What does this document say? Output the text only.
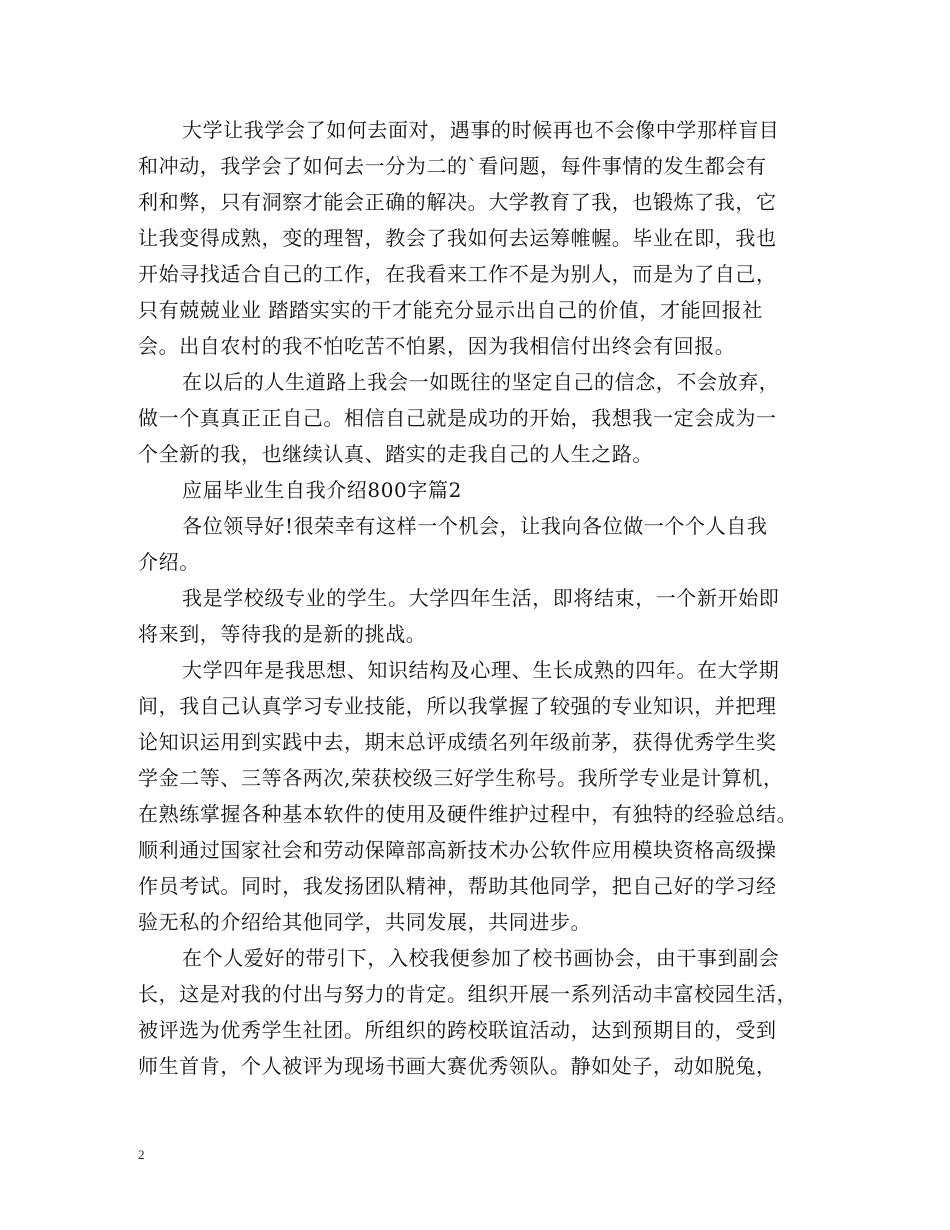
大学让我学会了如何去面对，遇事的时候再也不会像中学那样盲目
和冲动，我学会了如何去一分为二的`看问题，每件事情的发生都会有
利和弊，只有洞察才能会正确的解决。大学教育了我，也锻炼了我，它
让我变得成熟，变的理智，教会了我如何去运筹帷幄。毕业在即，我也
开始寻找适合自己的工作，在我看来工作不是为别人，而是为了自己，
只有兢兢业业 踏踏实实的干才能充分显示出自己的价值，才能回报社
会。出自农村的我不怕吃苦不怕累，因为我相信付出终会有回报。
在以后的人生道路上我会一如既往的坚定自己的信念，不会放弃，
做一个真真正正自己。相信自己就是成功的开始，我想我一定会成为一
个全新的我，也继续认真、踏实的走我自己的人生之路。
应届毕业生自我介绍800字篇2
各位领导好!很荣幸有这样一个机会，让我向各位做一个个人自我
介绍。
我是学校级专业的学生。大学四年生活，即将结束，一个新开始即
将来到，等待我的是新的挑战。
大学四年是我思想、知识结构及心理、生长成熟的四年。在大学期
间，我自己认真学习专业技能，所以我掌握了较强的专业知识，并把理
论知识运用到实践中去，期末总评成绩名列年级前茅，获得优秀学生奖
学金二等、三等各两次,荣获校级三好学生称号。我所学专业是计算机，
在熟练掌握各种基本软件的使用及硬件维护过程中，有独特的经验总结。
顺利通过国家社会和劳动保障部高新技术办公软件应用模块资格高级操
作员考试。同时，我发扬团队精神，帮助其他同学，把自己好的学习经
验无私的介绍给其他同学，共同发展，共同进步。
在个人爱好的带引下，入校我便参加了校书画协会，由干事到副会
长，这是对我的付出与努力的肯定。组织开展一系列活动丰富校园生活，
被评选为优秀学生社团。所组织的跨校联谊活动，达到预期目的，受到
师生首肯，个人被评为现场书画大赛优秀领队。静如处子，动如脱兔，
2
